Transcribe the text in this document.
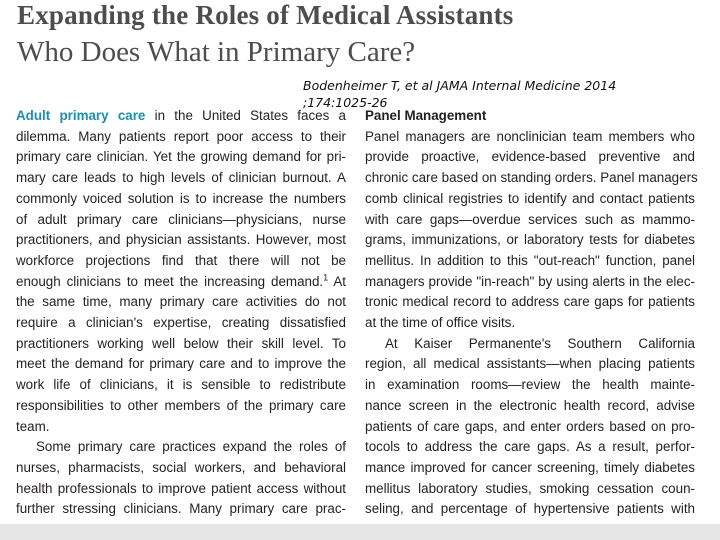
Expanding the Roles of Medical Assistants
Who Does What in Primary Care?
Bodenheimer T, et al JAMA Internal Medicine 2014
;174:1025-26
Adult primary care in the United States faces a
dilemma. Many patients report poor access to their
primary care clinician. Yet the growing demand for pri-
mary care leads to high levels of clinician burnout. A
commonly voiced solution is to increase the numbers
of adult primary care clinicians—physicians, nurse
practitioners, and physician assistants. However, most
workforce projections find that there will not be
enough clinicians to meet the increasing demand.$^1$ At
the same time, many primary care activities do not
require a clinician's expertise, creating dissatisfied
practitioners working well below their skill level. To
meet the demand for primary care and to improve the
work life of clinicians, it is sensible to redistribute
responsibilities to other members of the primary care
team.
Some primary care practices expand the roles of
nurses, pharmacists, social workers, and behavioral
health professionals to improve patient access without
further stressing clinicians. Many primary care prac-
Panel Management
Panel managers are nonclinician team members who
provide proactive, evidence-based preventive and
chronic care based on standing orders. Panel managers
comb clinical registries to identify and contact patients
with care gaps—overdue services such as mammo-
grams, immunizations, or laboratory tests for diabetes
mellitus. In addition to this "out-reach" function, panel
managers provide "in-reach" by using alerts in the elec-
tronic medical record to address care gaps for patients
at the time of office visits.
At Kaiser Permanente's Southern California
region, all medical assistants—when placing patients
in examination rooms—review the health mainte-
nance screen in the electronic health record, advise
patients of care gaps, and enter orders based on pro-
tocols to address the care gaps. As a result, perfor-
mance improved for cancer screening, timely diabetes
mellitus laboratory studies, smoking cessation coun-
seling, and percentage of hypertensive patients with
